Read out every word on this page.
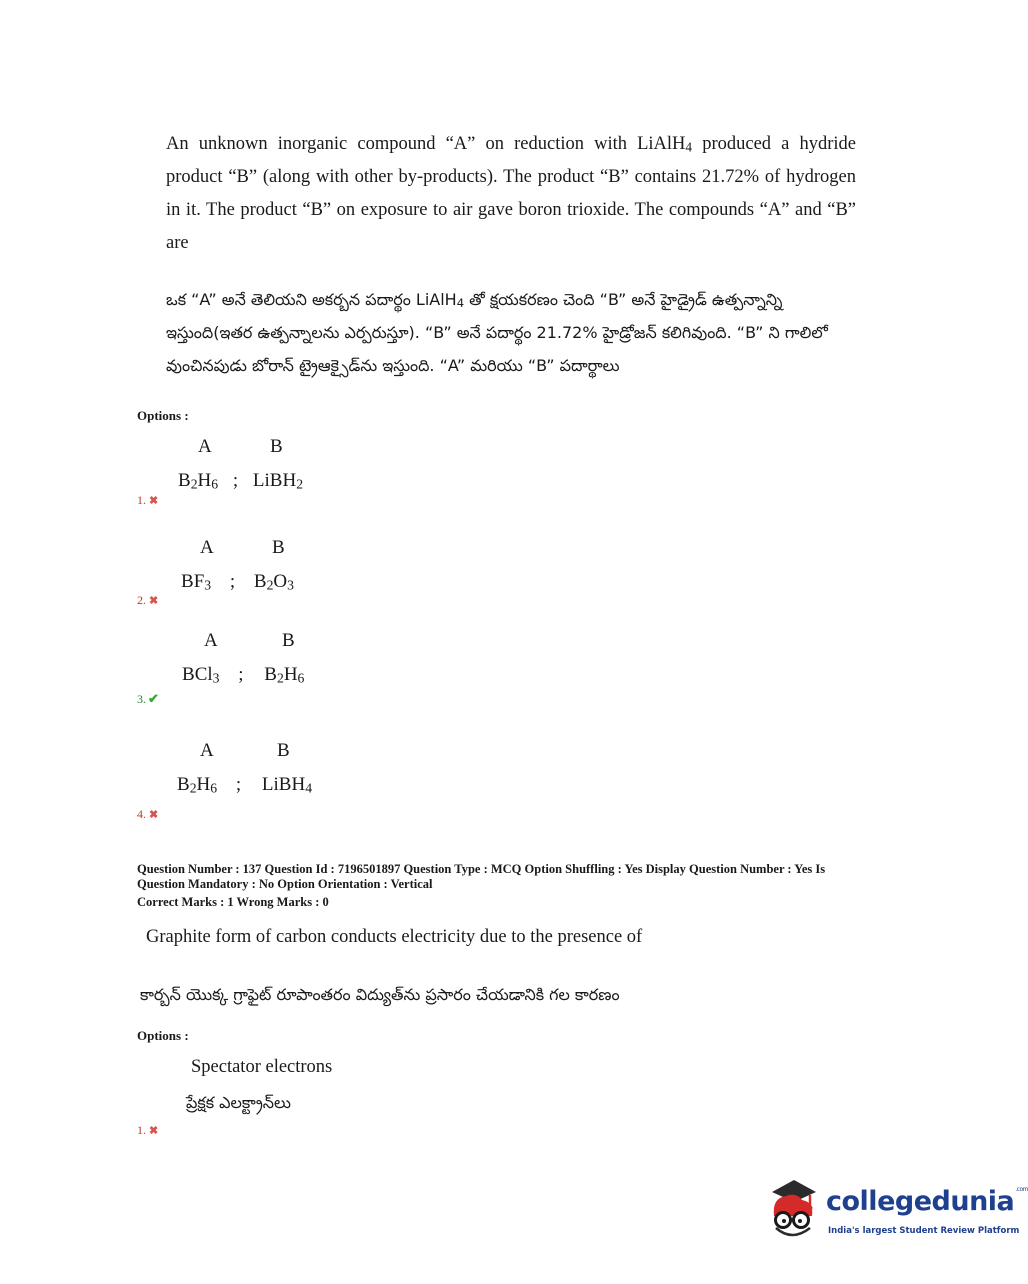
An unknown inorganic compound “A” on reduction with LiAlH$_4$ produced a hydride product “B” (along with other by-products). The product “B” contains 21.72% of hydrogen in it. The product “B” on exposure to air gave boron trioxide. The compounds “A” and “B” are
ఒక “A” అనే తెలియని అకర్బన పదార్థం LiAlH$_4$ తో క్షయకరణం చెంది “B” అనే హైడ్రైడ్ ఉత్పన్నాన్ని ఇస్తుంది(ఇతర ఉత్పన్నాలను ఎర్పరుస్తూ). “B” అనే పదార్థం 21.72% హైడ్రోజన్ కలిగివుంది. “B” ని గాలిలో వుంచినపుడు బోరాన్ ట్రైఆక్సైడ్‌ను ఇస్తుంది. “A” మరియు “B” పదార్థాలు
Options :
A	B
$B_2H_6$ ; LiBH$_2$
1. ✖
A	B
$BF_3$ ; $B_2O_3$
2. ✖
A	B
BCl$_3$ ; $B_2H_6$
3. ✔
A	B
$B_2H_6$ ; LiBH$_4$
4. ✖
Question Number : 137 Question Id : 7196501897 Question Type : MCQ Option Shuffling : Yes Display Question Number : Yes Is
Question Mandatory : No Option Orientation : Vertical
Correct Marks : 1 Wrong Marks : 0
Graphite form of carbon conducts electricity due to the presence of
కార్బన్ యొక్క గ్రాఫైట్ రూపాంతరం విద్యుత్‌ను ప్రసారం చేయడానికి గల కారణం
Options :
Spectator electrons
ప్రేక్షక ఎలక్ట్రాన్‌లు
1. ✖
collegedunia$^{.com}$
India's largest Student Review Platform
